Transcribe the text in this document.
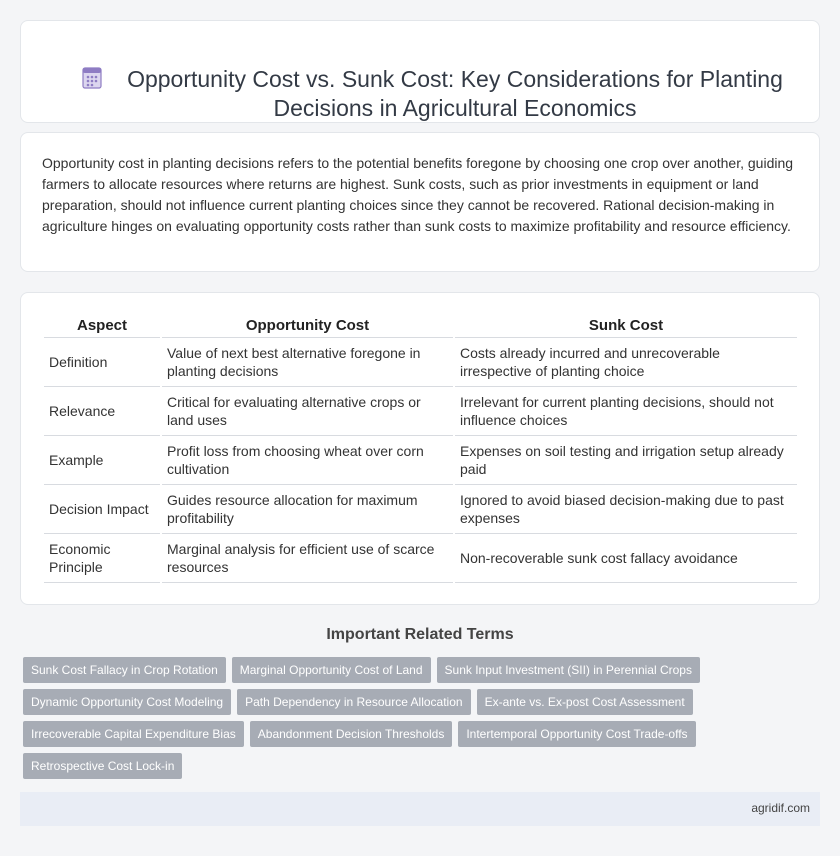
Opportunity Cost vs. Sunk Cost: Key Considerations for Planting Decisions in Agricultural Economics

Opportunity cost in planting decisions refers to the potential benefits foregone by choosing one crop over another, guiding farmers to allocate resources where returns are highest. Sunk costs, such as prior investments in equipment or land preparation, should not influence current planting choices since they cannot be recovered. Rational decision-making in agriculture hinges on evaluating opportunity costs rather than sunk costs to maximize profitability and resource efficiency.

Aspect	Opportunity Cost	Sunk Cost
Definition	Value of next best alternative foregone in planting decisions	Costs already incurred and unrecoverable irrespective of planting choice
Relevance	Critical for evaluating alternative crops or land uses	Irrelevant for current planting decisions, should not influence choices
Example	Profit loss from choosing wheat over corn cultivation	Expenses on soil testing and irrigation setup already paid
Decision Impact	Guides resource allocation for maximum profitability	Ignored to avoid biased decision-making due to past expenses
Economic Principle	Marginal analysis for efficient use of scarce resources	Non-recoverable sunk cost fallacy avoidance
Important Related Terms
Sunk Cost Fallacy in Crop Rotation	Marginal Opportunity Cost of Land	Sunk Input Investment (SII) in Perennial Crops
Dynamic Opportunity Cost Modeling	Path Dependency in Resource Allocation	Ex-ante vs. Ex-post Cost Assessment
Irrecoverable Capital Expenditure Bias	Abandonment Decision Thresholds	Intertemporal Opportunity Cost Trade-offs
Retrospective Cost Lock-in
agridif.com
